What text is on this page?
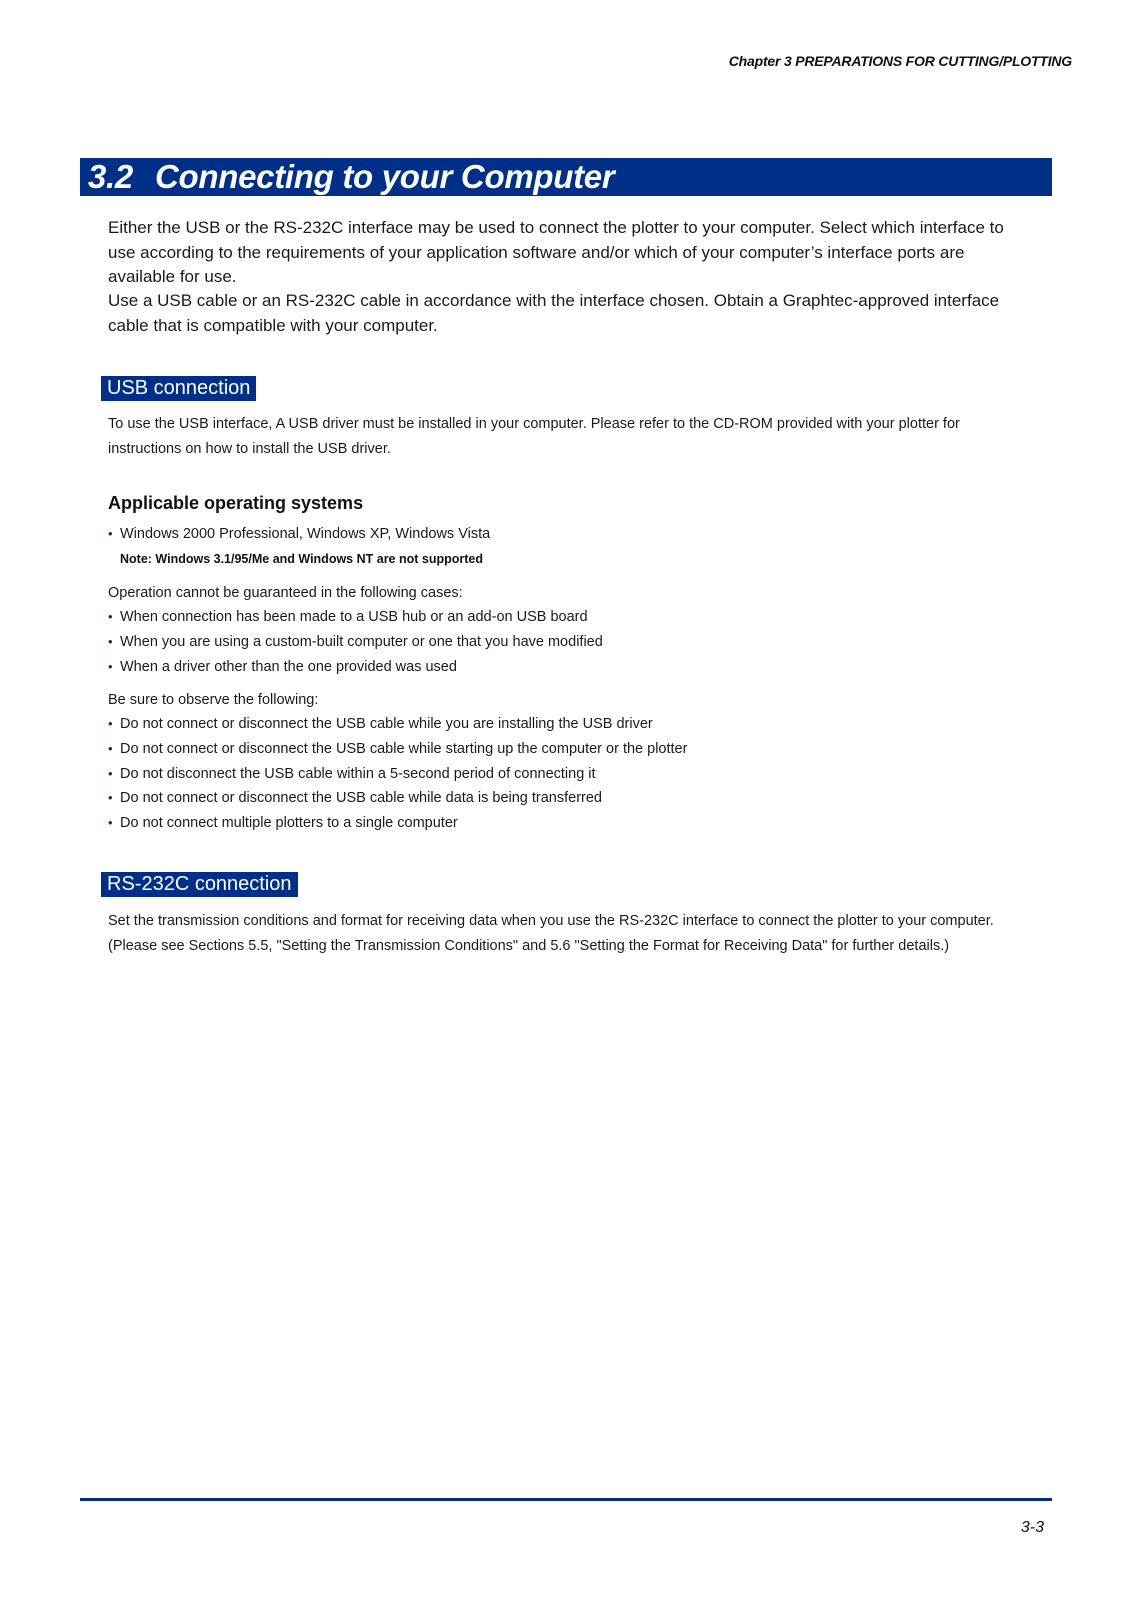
Chapter 3 PREPARATIONS FOR CUTTING/PLOTTING
3.2 Connecting to your Computer
Either the USB or the RS-232C interface may be used to connect the plotter to your computer. Select which interface to use according to the requirements of your application software and/or which of your computer’s interface ports are available for use.
Use a USB cable or an RS-232C cable in accordance with the interface chosen. Obtain a Graphtec-approved interface cable that is compatible with your computer.
USB connection
To use the USB interface, A USB driver must be installed in your computer. Please refer to the CD-ROM provided with your plotter for instructions on how to install the USB driver.
Applicable operating systems
• Windows 2000 Professional, Windows XP, Windows Vista
Note: Windows 3.1/95/Me and Windows NT are not supported
Operation cannot be guaranteed in the following cases:
• When connection has been made to a USB hub or an add-on USB board
• When you are using a custom-built computer or one that you have modified
• When a driver other than the one provided was used
Be sure to observe the following:
• Do not connect or disconnect the USB cable while you are installing the USB driver
• Do not connect or disconnect the USB cable while starting up the computer or the plotter
• Do not disconnect the USB cable within a 5-second period of connecting it
• Do not connect or disconnect the USB cable while data is being transferred
• Do not connect multiple plotters to a single computer
RS-232C connection
Set the transmission conditions and format for receiving data when you use the RS-232C interface to connect the plotter to your computer. (Please see Sections 5.5, "Setting the Transmission Conditions" and 5.6 "Setting the Format for Receiving Data" for further details.)
3-3
